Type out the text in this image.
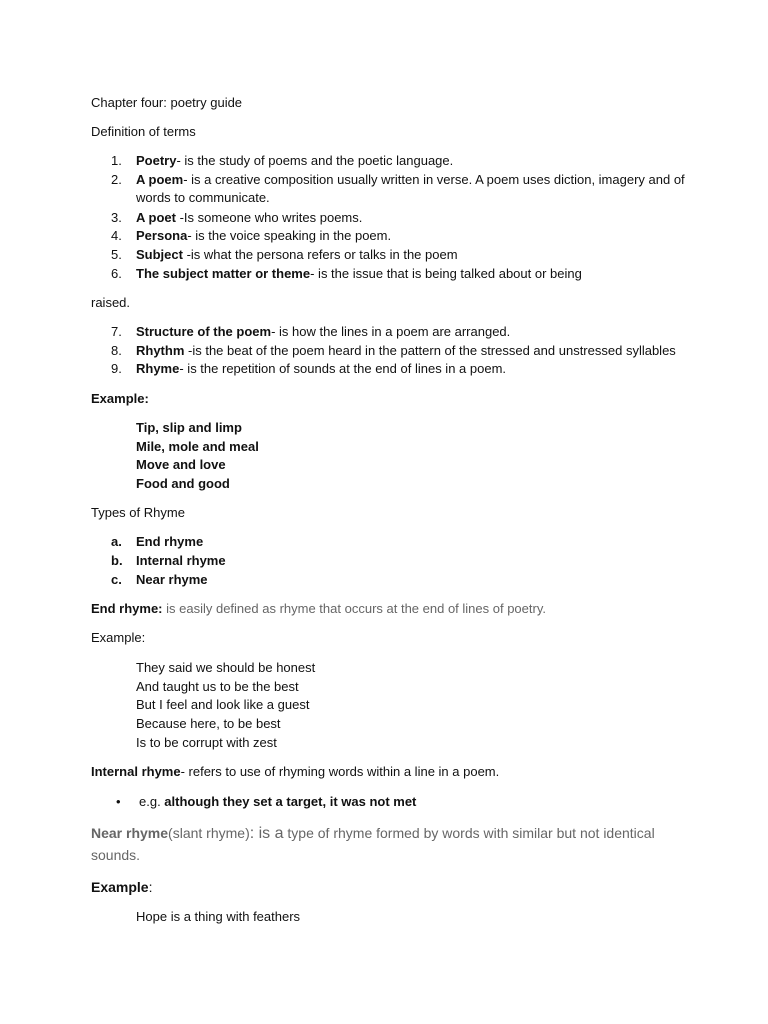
Chapter four: poetry guide
Definition of terms
1.	Poetry- is the study of poems and the poetic language.
2.	A poem- is a creative composition usually written in verse. A poem uses diction, imagery and of
words to communicate.
3.	A poet -Is someone who writes poems.
4.	Persona- is the voice speaking in the poem.
5.	Subject -is what the persona refers or talks in the poem
6.	The subject matter or theme- is the issue that is being talked about or being
raised.
7.	Structure of the poem- is how the lines in a poem are arranged.
8.	Rhythm -is the beat of the poem heard in the pattern of the stressed and unstressed syllables
9.	Rhyme- is the repetition of sounds at the end of lines in a poem.
Example:
Tip, slip and limp
Mile, mole and meal
Move and love
Food and good
Types of Rhyme
a.	End rhyme
b.	Internal rhyme
c.	Near rhyme
End rhyme: is easily defined as rhyme that occurs at the end of lines of poetry.
Example:
They said we should be honest
And taught us to be the best
But I feel and look like a guest
Because here, to be best
Is to be corrupt with zest
Internal rhyme- refers to use of rhyming words within a line in a poem.
• e.g. although they set a target, it was not met
Near rhyme(slant rhyme): is a type of rhyme formed by words with similar but not identical
sounds.
Example:
Hope is a thing with feathers
